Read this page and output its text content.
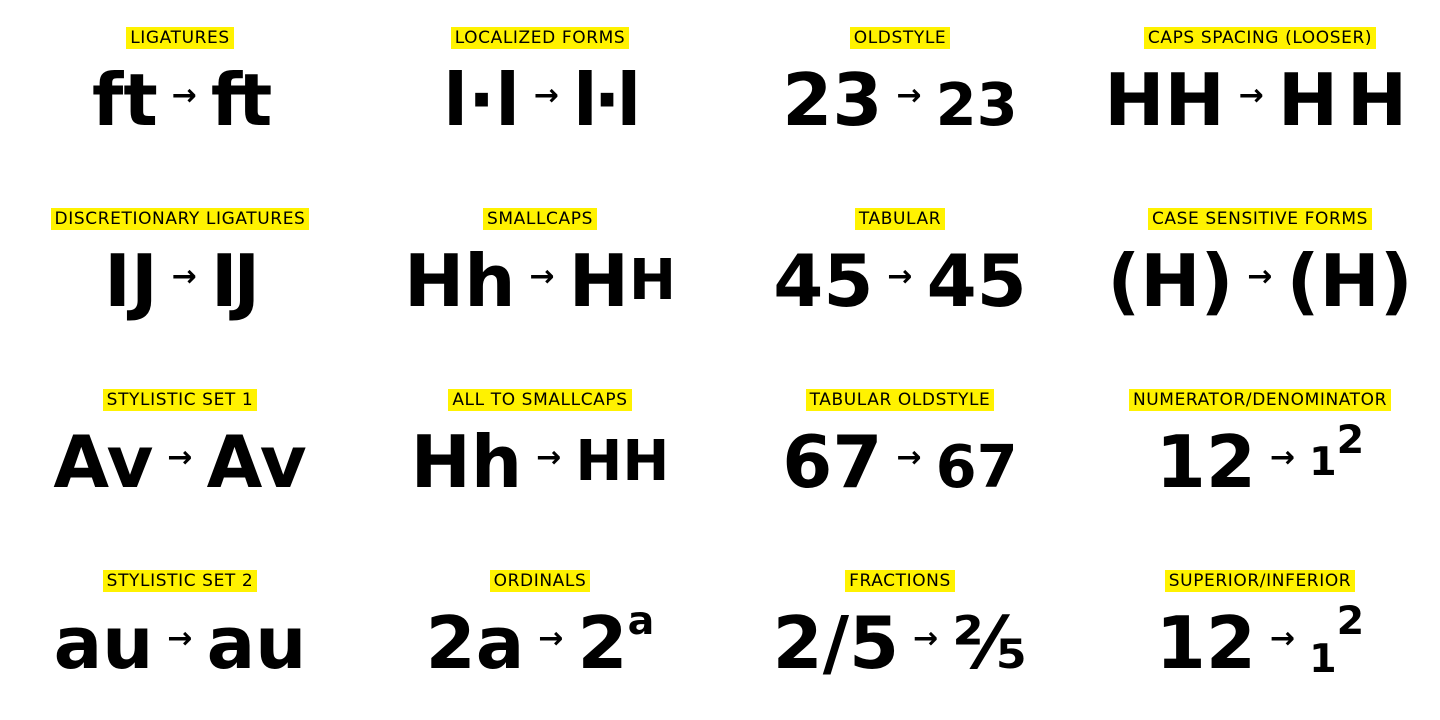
LIGATURES
ft → ft
LOCALIZED FORMS
l·l → l·l
OLDSTYLE
23 → 23
CAPS SPACING (LOOSER)
HH → HH
DISCRETIONARY LIGATURES
IJ → IJ
SMALLCAPS
Hh → H H
TABULAR
45 → 45
CASE SENSITIVE FORMS
(H) → (H)
STYLISTIC SET 1
Av → Av
ALL TO SMALLCAPS
Hh → HH
TABULAR OLDSTYLE
67 → 67
NUMERATOR/DENOMINATOR
12 → 1 2
STYLISTIC SET 2
au → au
ORDINALS
2a → 2 a
FRACTIONS
2/5 → ²⁄₅
SUPERIOR/INFERIOR
12 → 1
2
